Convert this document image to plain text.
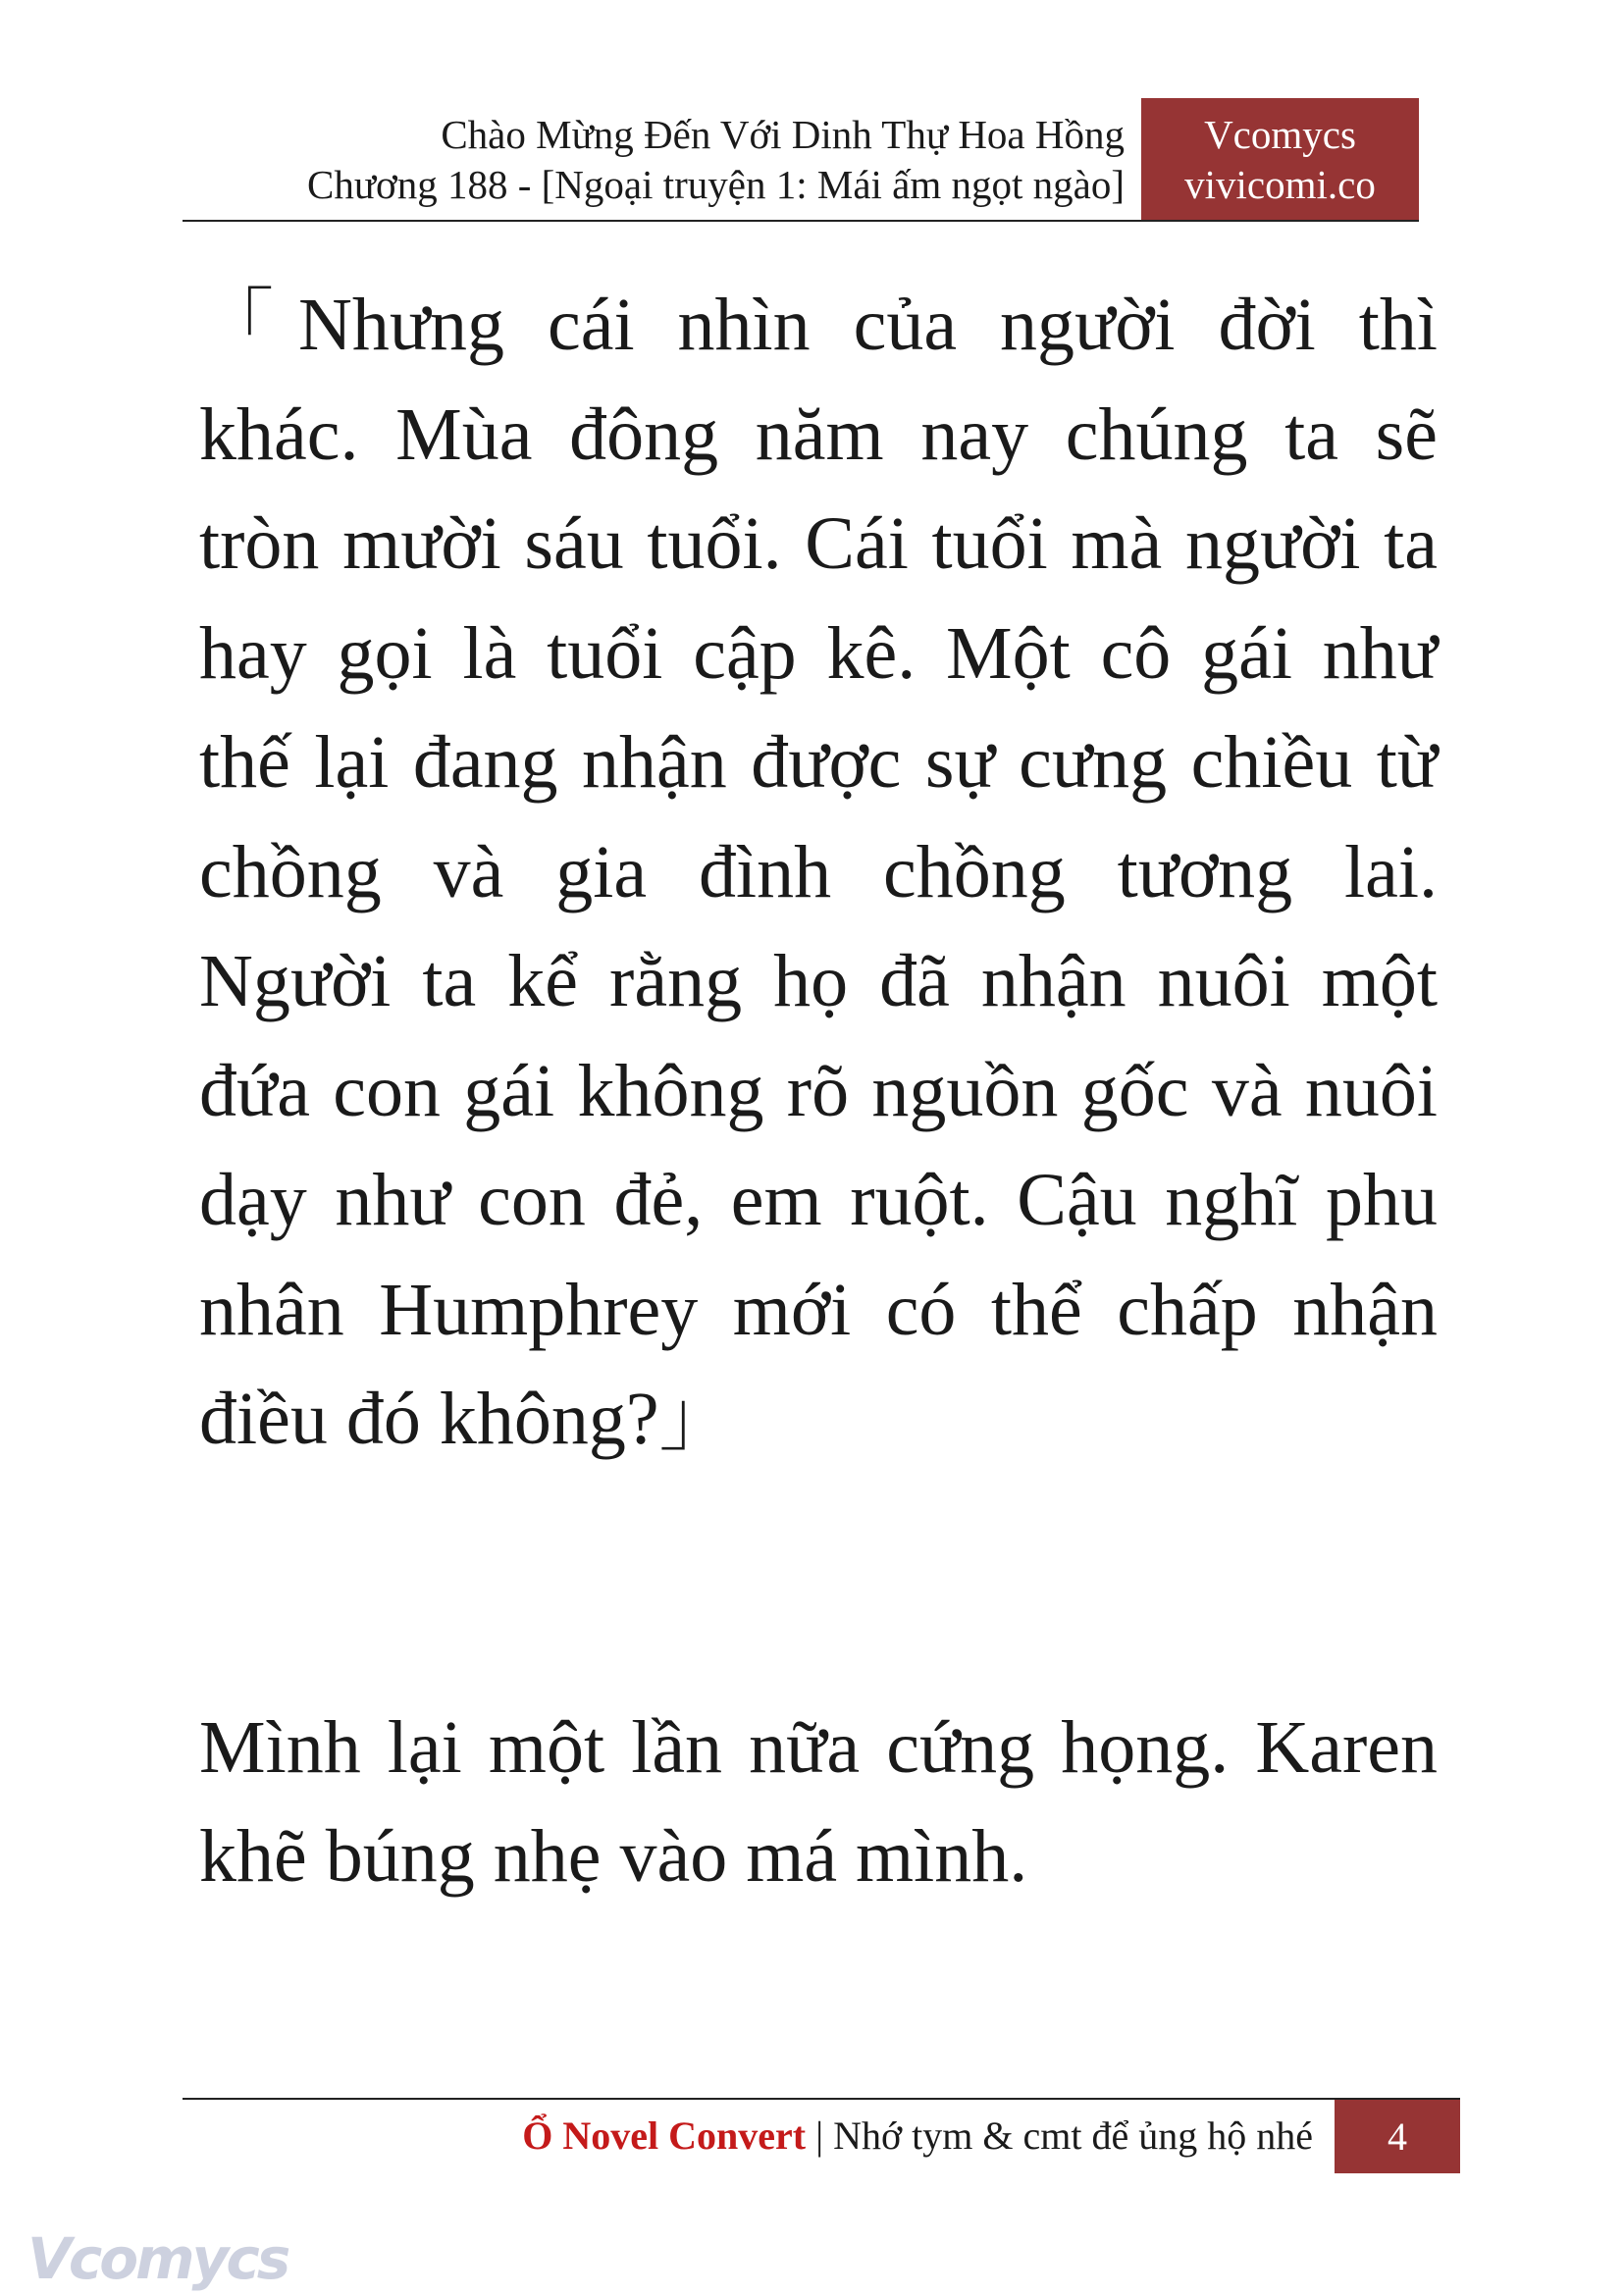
Chào Mừng Đến Với Dinh Thự Hoa Hồng
Chương 188 - [Ngoại truyện 1: Mái ấm ngọt ngào]
Vcomycs
vivicomi.co

「Nhưng cái nhìn của người đời thì khác. Mùa đông năm nay chúng ta sẽ tròn mười sáu tuổi. Cái tuổi mà người ta hay gọi là tuổi cập kê. Một cô gái như thế lại đang nhận được sự cưng chiều từ chồng và gia đình chồng tương lai. Người ta kể rằng họ đã nhận nuôi một đứa con gái không rõ nguồn gốc và nuôi dạy như con đẻ, em ruột. Cậu nghĩ phu nhân Humphrey mới có thể chấp nhận điều đó không?」

Mình lại một lần nữa cứng họng. Karen khẽ búng nhẹ vào má mình.

Ổ Novel Convert | Nhớ tym & cmt để ủng hộ nhé	4
Vcomycs
